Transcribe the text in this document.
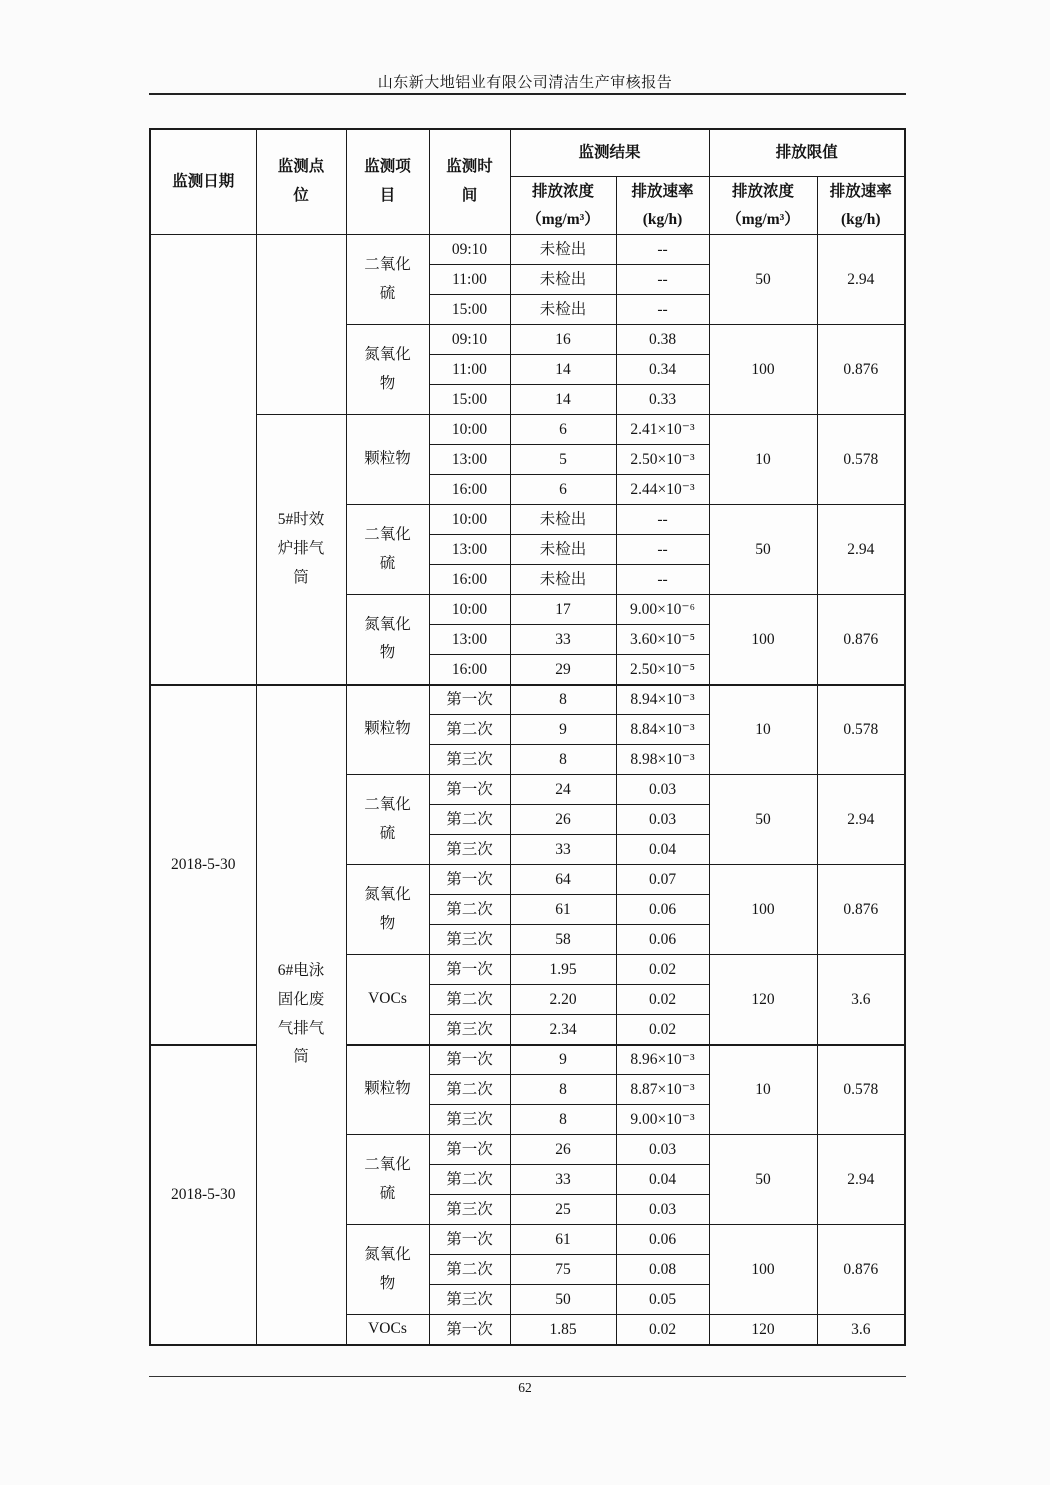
山东新大地铝业有限公司清洁生产审核报告
监测日期	监测点位	监测项目	监测时间	监测结果		排放限值	
				排放浓度（mg/m³）	排放速率(kg/h)	排放浓度（mg/m³）	排放速率(kg/h)
		二氧化硫	09:10	未检出	--	50	2.94
			11:00	未检出	--		
			15:00	未检出	--		
		氮氧化物	09:10	16	0.38	100	0.876
			11:00	14	0.34		
			15:00	14	0.33		
	5#时效炉排气筒	颗粒物	10:00	6	2.41×10⁻³	10	0.578
			13:00	5	2.50×10⁻³		
			16:00	6	2.44×10⁻³		
		二氧化硫	10:00	未检出	--	50	2.94
			13:00	未检出	--		
			16:00	未检出	--		
		氮氧化物	10:00	17	9.00×10⁻⁶	100	0.876
			13:00	33	3.60×10⁻⁵		
			16:00	29	2.50×10⁻⁵		
2018-5-30	6#电泳固化废气排气筒	颗粒物	第一次	8	8.94×10⁻³	10	0.578
			第二次	9	8.84×10⁻³		
			第三次	8	8.98×10⁻³		
		二氧化硫	第一次	24	0.03	50	2.94
			第二次	26	0.03		
			第三次	33	0.04		
		氮氧化物	第一次	64	0.07	100	0.876
			第二次	61	0.06		
			第三次	58	0.06		
		VOCs	第一次	1.95	0.02	120	3.6
			第二次	2.20	0.02		
			第三次	2.34	0.02		
2018-5-30		颗粒物	第一次	9	8.96×10⁻³	10	0.578
			第二次	8	8.87×10⁻³		
			第三次	8	9.00×10⁻³		
		二氧化硫	第一次	26	0.03	50	2.94
			第二次	33	0.04		
			第三次	25	0.03		
		氮氧化物	第一次	61	0.06	100	0.876
			第二次	75	0.08		
			第三次	50	0.05		
		VOCs	第一次	1.85	0.02	120	3.6
62
